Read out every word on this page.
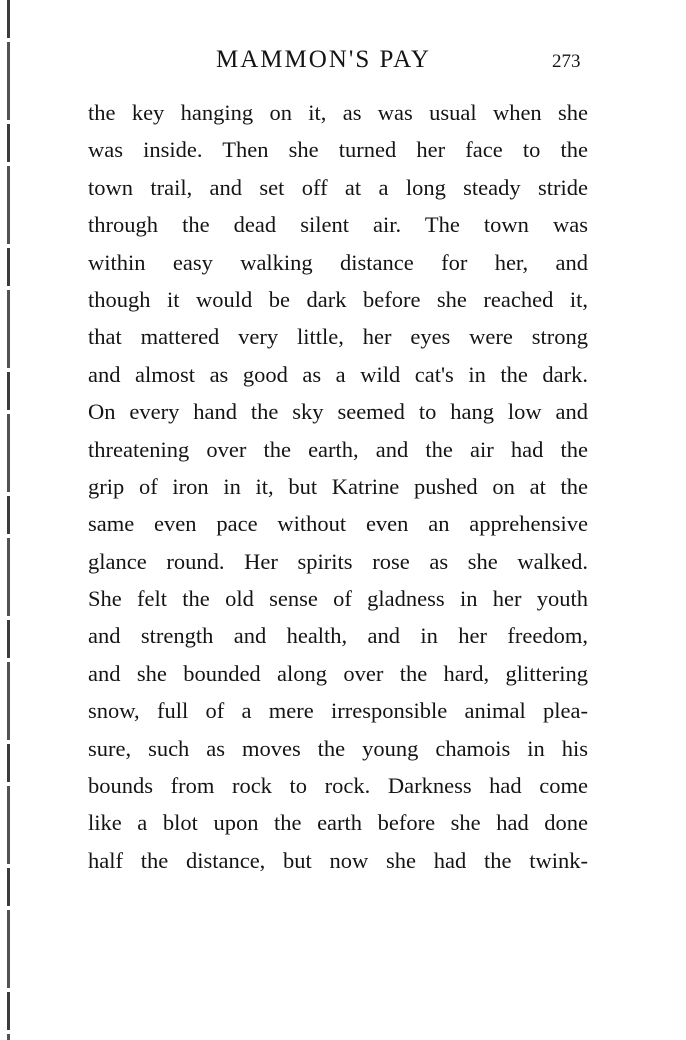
MAMMON'S PAY	273
the key hanging on it, as was usual when she
was inside. Then she turned her face to the
town trail, and set off at a long steady stride
through the dead silent air. The town was
within easy walking distance for her, and
though it would be dark before she reached it,
that mattered very little, her eyes were strong
and almost as good as a wild cat's in the dark.
On every hand the sky seemed to hang low and
threatening over the earth, and the air had the
grip of iron in it, but Katrine pushed on at the
same even pace without even an apprehensive
glance round. Her spirits rose as she walked.
She felt the old sense of gladness in her youth
and strength and health, and in her freedom,
and she bounded along over the hard, glittering
snow, full of a mere irresponsible animal plea-
sure, such as moves the young chamois in his
bounds from rock to rock. Darkness had come
like a blot upon the earth before she had done
half the distance, but now she had the twink-
